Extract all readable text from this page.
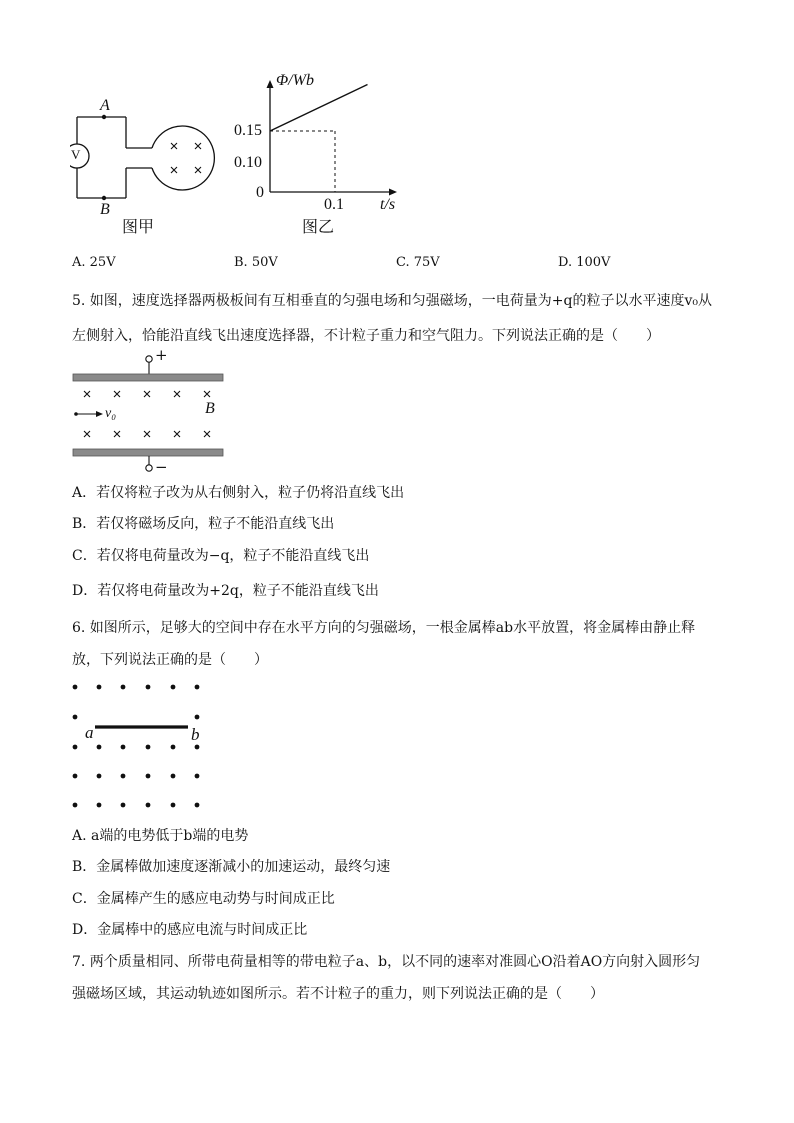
A
B
V
图甲
Φ/Wb
0.15
0.10
0
0.1 t/s
图乙
A. 25V	B. 50V	C. 75V	D. 100V
5. 如图，速度选择器两极板间有互相垂直的匀强电场和匀强磁场，一电荷量为+q的粒子以水平速度v₀从
左侧射入，恰能沿直线飞出速度选择器，不计粒子重力和空气阻力。下列说法正确的是（　　）
+
−
B
v₀
A．若仅将粒子改为从右侧射入，粒子仍将沿直线飞出
B．若仅将磁场反向，粒子不能沿直线飞出
C．若仅将电荷量改为−q，粒子不能沿直线飞出
D．若仅将电荷量改为+2q，粒子不能沿直线飞出
6. 如图所示，足够大的空间中存在水平方向的匀强磁场，一根金属棒ab水平放置，将金属棒由静止释
放，下列说法正确的是（　　）
a	b
A. a端的电势低于b端的电势
B．金属棒做加速度逐渐减小的加速运动，最终匀速
C．金属棒产生的感应电动势与时间成正比
D．金属棒中的感应电流与时间成正比
7. 两个质量相同、所带电荷量相等的带电粒子a、b，以不同的速率对准圆心O沿着AO方向射入圆形匀
强磁场区域，其运动轨迹如图所示。若不计粒子的重力，则下列说法正确的是（　　）
